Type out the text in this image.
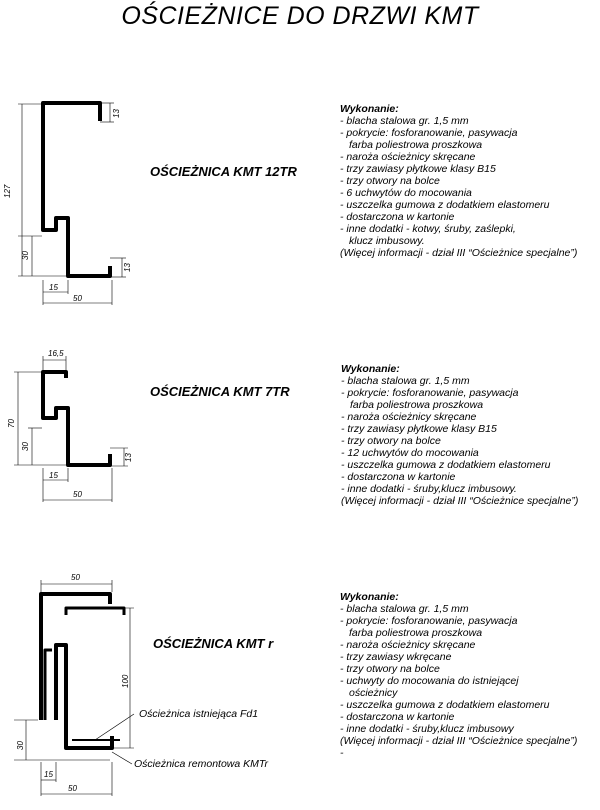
OŚCIEŻNICE DO DRZWI KMT
127
30
13
13
15
50
16,5
70
30
13
15
50
50
100
30
15
50
OŚCIEŻNICA KMT 12TR
OŚCIEŻNICA KMT 7TR
OŚCIEŻNICA KMT r
Wykonanie:
- blacha stalowa gr. 1,5 mm
- pokrycie: fosforanowanie, pasywacja
farba poliestrowa proszkowa
- naroża ościeżnicy skręcane
- trzy zawiasy płytkowe klasy B15
- trzy otwory na bolce
- 6 uchwytów do mocowania
- uszczelka gumowa z dodatkiem elastomeru
- dostarczona w kartonie
- inne dodatki - kotwy, śruby, zaślepki,
klucz imbusowy.
(Więcej informacji - dział III “Ościeżnice specjalne”)
Wykonanie:
- blacha stalowa gr. 1,5 mm
- pokrycie: fosforanowanie, pasywacja
farba poliestrowa proszkowa
- naroża ościeżnicy skręcane
- trzy zawiasy płytkowe klasy B15
- trzy otwory na bolce
- 12 uchwytów do mocowania
- uszczelka gumowa z dodatkiem elastomeru
- dostarczona w kartonie
- inne dodatki - śruby,klucz imbusowy.
(Więcej informacji - dział III “Ościeżnice specjalne”)
Wykonanie:
- blacha stalowa gr. 1,5 mm
- pokrycie: fosforanowanie, pasywacja
farba poliestrowa proszkowa
- naroża ościeżnicy skręcane
- trzy zawiasy wkręcane
- trzy otwory na bolce
- uchwyty do mocowania do istniejącej
ościeżnicy
- uszczelka gumowa z dodatkiem elastomeru
- dostarczona w kartonie
- inne dodatki - śruby,klucz imbusowy
(Więcej informacji - dział III “Ościeżnice specjalne”)
-
Ościeżnica istniejąca Fd1
Ościeżnica remontowa KMTr
